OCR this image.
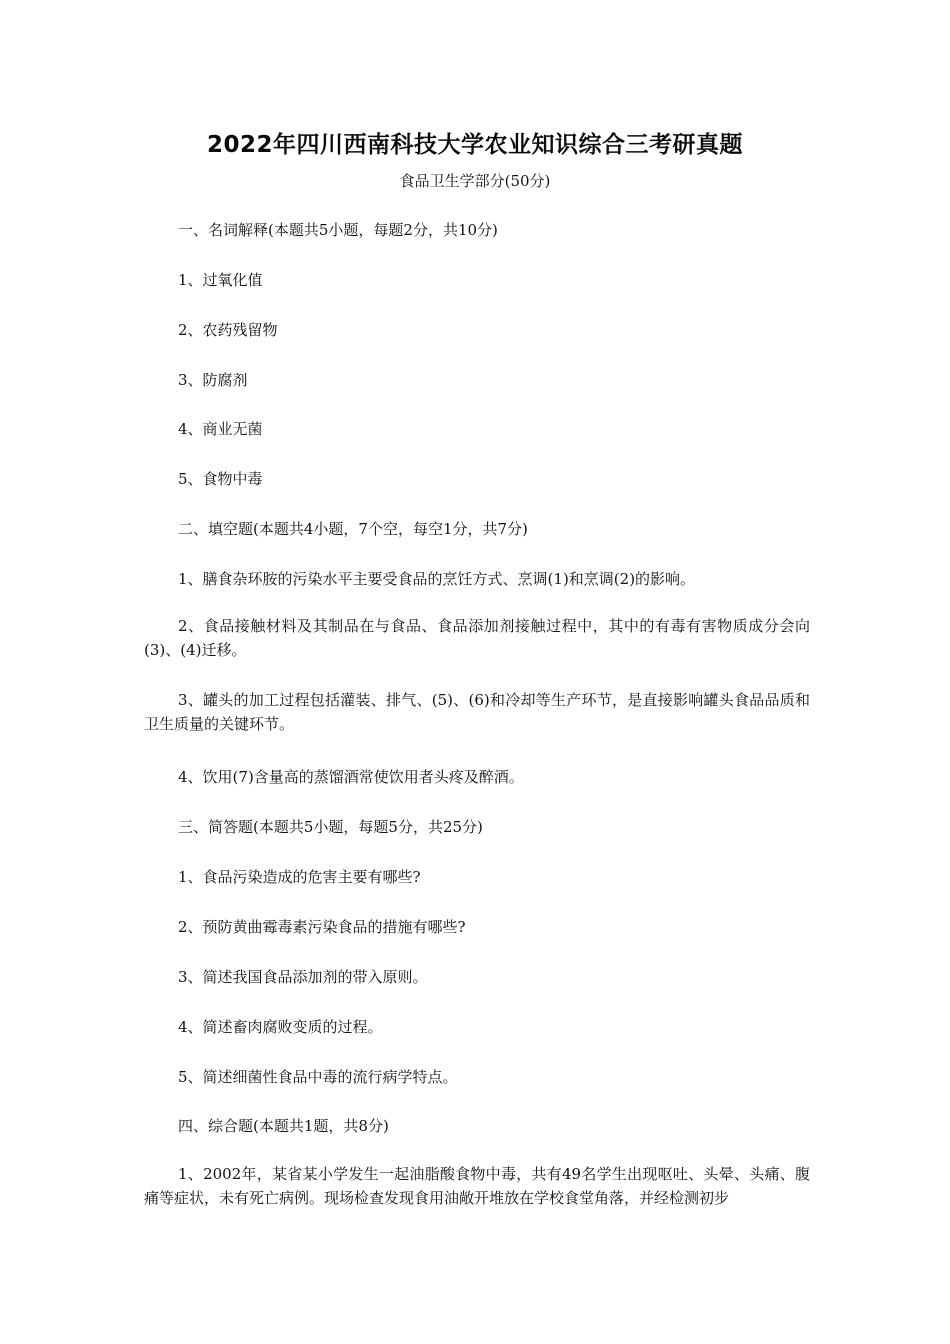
2022年四川西南科技大学农业知识综合三考研真题
食品卫生学部分(50分)
一、名词解释(本题共5小题，每题2分，共10分)
1、过氧化值
2、农药残留物
3、防腐剂
4、商业无菌
5、食物中毒
二、填空题(本题共4小题，7个空，每空1分，共7分)
1、膳食杂环胺的污染水平主要受食品的烹饪方式、烹调(1)和烹调(2)的影响。
2、食品接触材料及其制品在与食品、食品添加剂接触过程中，其中的有毒有害物质成分会向(3)、(4)迁移。
3、罐头的加工过程包括灌装、排气、(5)、(6)和冷却等生产环节，是直接影响罐头食品品质和卫生质量的关键环节。
4、饮用(7)含量高的蒸馏酒常使饮用者头疼及醉酒。
三、简答题(本题共5小题，每题5分，共25分)
1、食品污染造成的危害主要有哪些?
2、预防黄曲霉毒素污染食品的措施有哪些?
3、简述我国食品添加剂的带入原则。
4、简述畜肉腐败变质的过程。
5、简述细菌性食品中毒的流行病学特点。
四、综合题(本题共1题，共8分)
1、2002年，某省某小学发生一起油脂酸食物中毒，共有49名学生出现呕吐、头晕、头痛、腹痛等症状，未有死亡病例。现场检查发现食用油敞开堆放在学校食堂角落，并经检测初步
